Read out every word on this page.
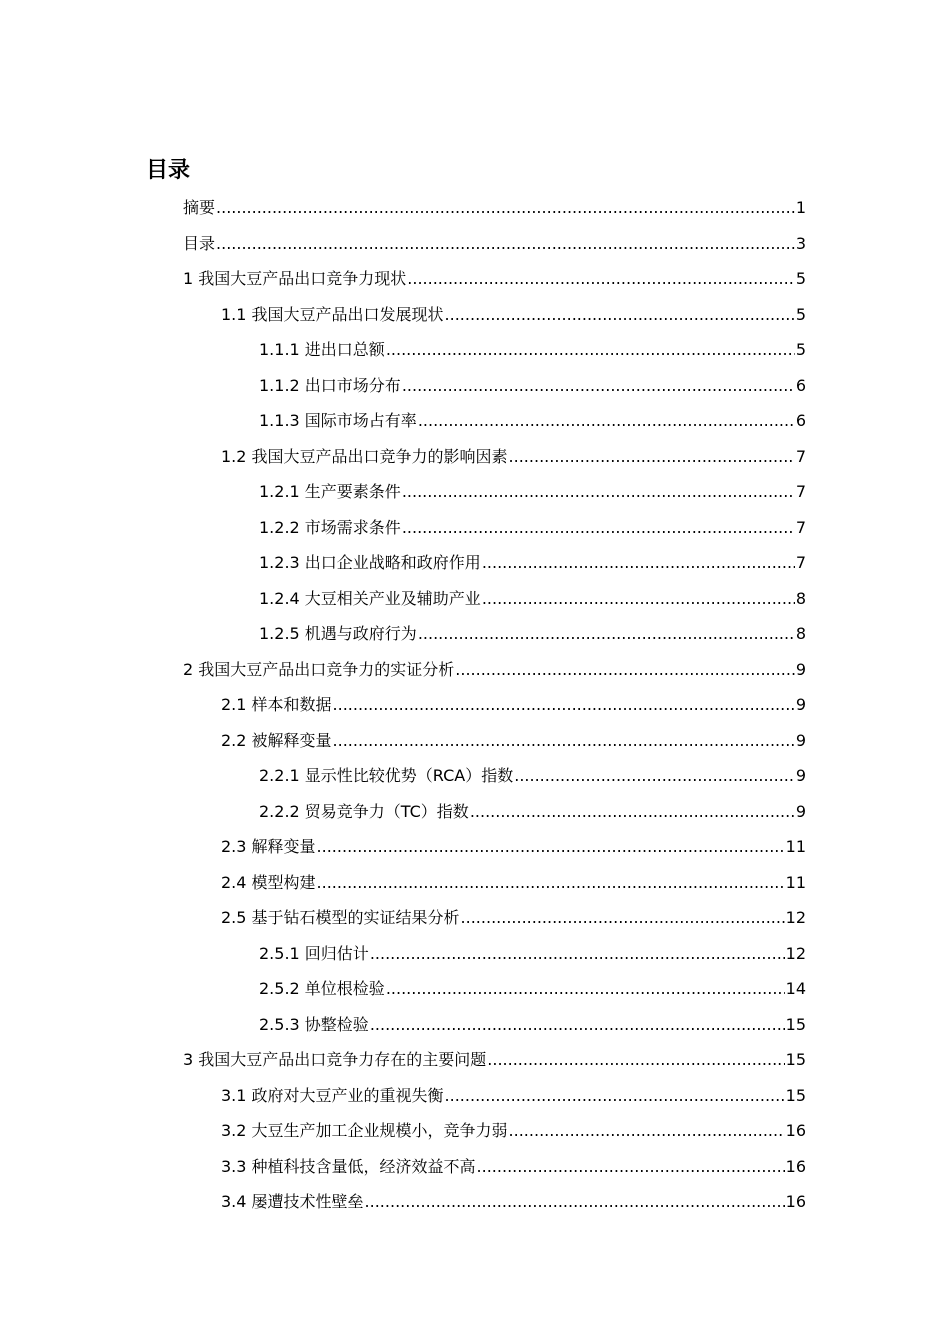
目录
摘要 .....	1
目录 .....	3
1 我国大豆产品出口竞争力现状 .....	5
1.1 我国大豆产品出口发展现状 .....	5
1.1.1 进出口总额 .....	5
1.1.2 出口市场分布 .....	6
1.1.3 国际市场占有率 .....	6
1.2 我国大豆产品出口竞争力的影响因素 .....	7
1.2.1 生产要素条件 .....	7
1.2.2 市场需求条件 .....	7
1.2.3 出口企业战略和政府作用 .....	7
1.2.4 大豆相关产业及辅助产业 .....	8
1.2.5 机遇与政府行为 .....	8
2 我国大豆产品出口竞争力的实证分析 .....	9
2.1 样本和数据 .....	9
2.2 被解释变量 .....	9
2.2.1 显示性比较优势（RCA）指数 .....	9
2.2.2 贸易竞争力（TC）指数 .....	9
2.3 解释变量 .....	11
2.4 模型构建 .....	11
2.5 基于钻石模型的实证结果分析 .....	12
2.5.1 回归估计 .....	12
2.5.2 单位根检验 .....	14
2.5.3 协整检验 .....	15
3 我国大豆产品出口竞争力存在的主要问题 .....	15
3.1 政府对大豆产业的重视失衡 .....	15
3.2 大豆生产加工企业规模小，竞争力弱 .....	16
3.3 种植科技含量低，经济效益不高 .....	16
3.4 屡遭技术性壁垒 .....	16
